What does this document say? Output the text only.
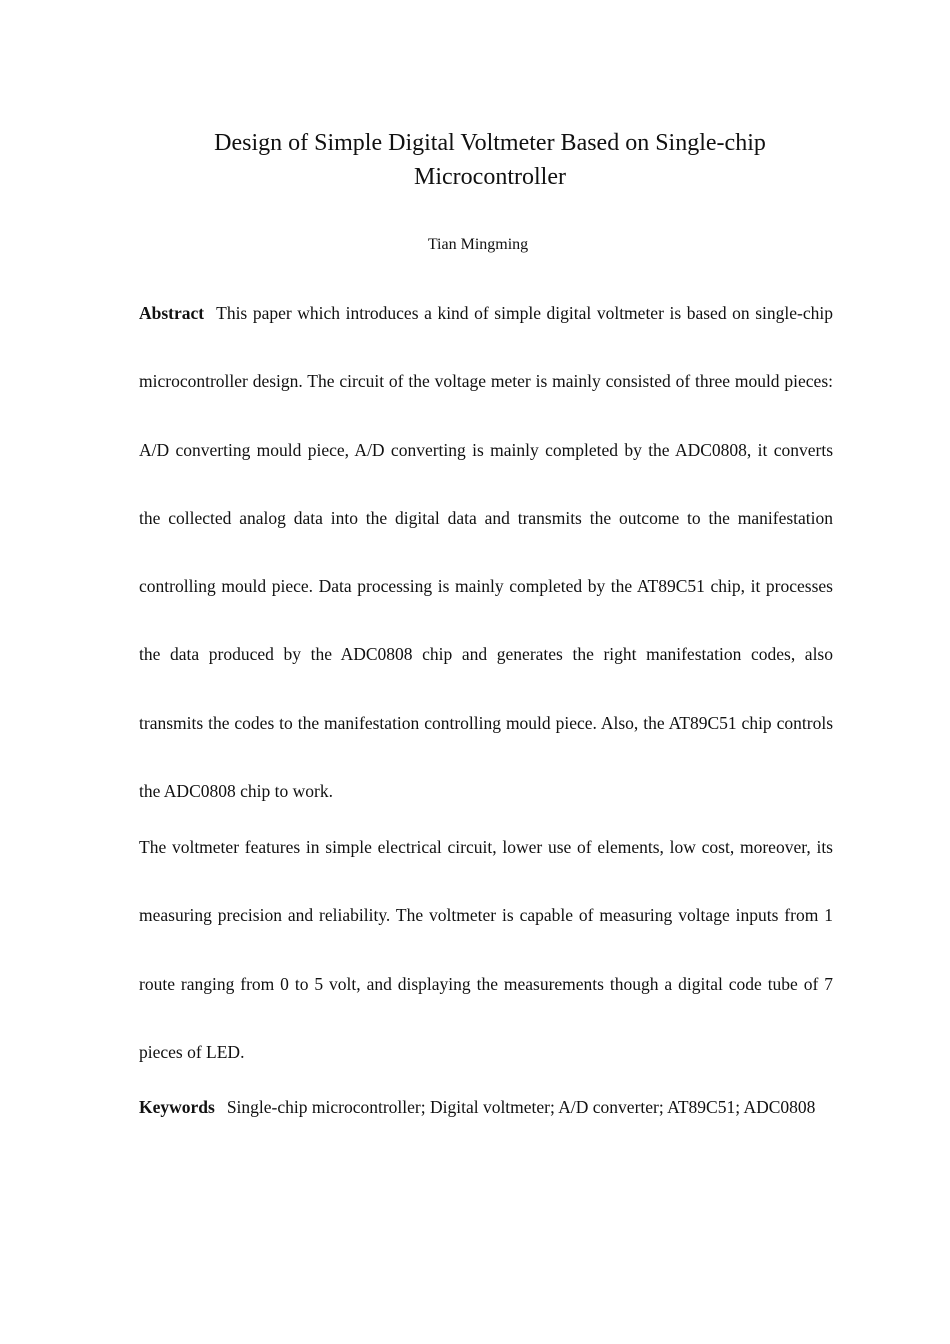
Design of Simple Digital Voltmeter Based on Single-chip Microcontroller
Tian Mingming

Abstract This paper which introduces a kind of simple digital voltmeter is based on single-chip microcontroller design. The circuit of the voltage meter is mainly consisted of three mould pieces: A/D converting mould piece, A/D converting is mainly completed by the ADC0808, it converts the collected analog data into the digital data and transmits the outcome to the manifestation controlling mould piece. Data processing is mainly completed by the AT89C51 chip, it processes the data produced by the ADC0808 chip and generates the right manifestation codes, also transmits the codes to the manifestation controlling mould piece. Also, the AT89C51 chip controls the ADC0808 chip to work.

The voltmeter features in simple electrical circuit, lower use of elements, low cost, moreover, its measuring precision and reliability. The voltmeter is capable of measuring voltage inputs from 1 route ranging from 0 to 5 volt, and displaying the measurements though a digital code tube of 7 pieces of LED.

Keywords Single-chip microcontroller; Digital voltmeter; A/D converter; AT89C51; ADC0808
